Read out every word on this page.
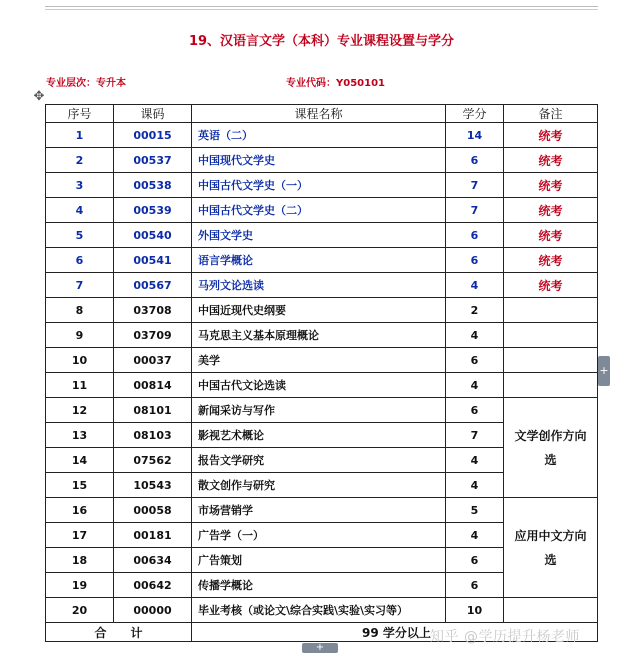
19、汉语言文学（本科）专业课程设置与学分
专业层次：专升本	专业代码：Y050101
✥
序号	课码	课程名称	学分	备注
1	00015	英语（二）	14	统考
2	00537	中国现代文学史	6	统考
3	00538	中国古代文学史（一）	7	统考
4	00539	中国古代文学史（二）	7	统考
5	00540	外国文学史	6	统考
6	00541	语言学概论	6	统考
7	00567	马列文论选读	4	统考
8	03708	中国近现代史纲要	2	
9	03709	马克思主义基本原理概论	4	
10	00037	美学	6	
11	00814	中国古代文论选读	4	
12	08101	新闻采访与写作	6	文学创作方向选
13	08103	影视艺术概论	7	
14	07562	报告文学研究	4	
15	10543	散文创作与研究	4	
16	00058	市场营销学	5	应用中文方向选
17	00181	广告学（一）	4	
18	00634	广告策划	6	
19	00642	传播学概论	6	
20	00000	毕业考核（或论文\综合实践\实验\实习等）	10	
合　　计		99 学分以上		
+
+
知乎 @学历提升杨老师
